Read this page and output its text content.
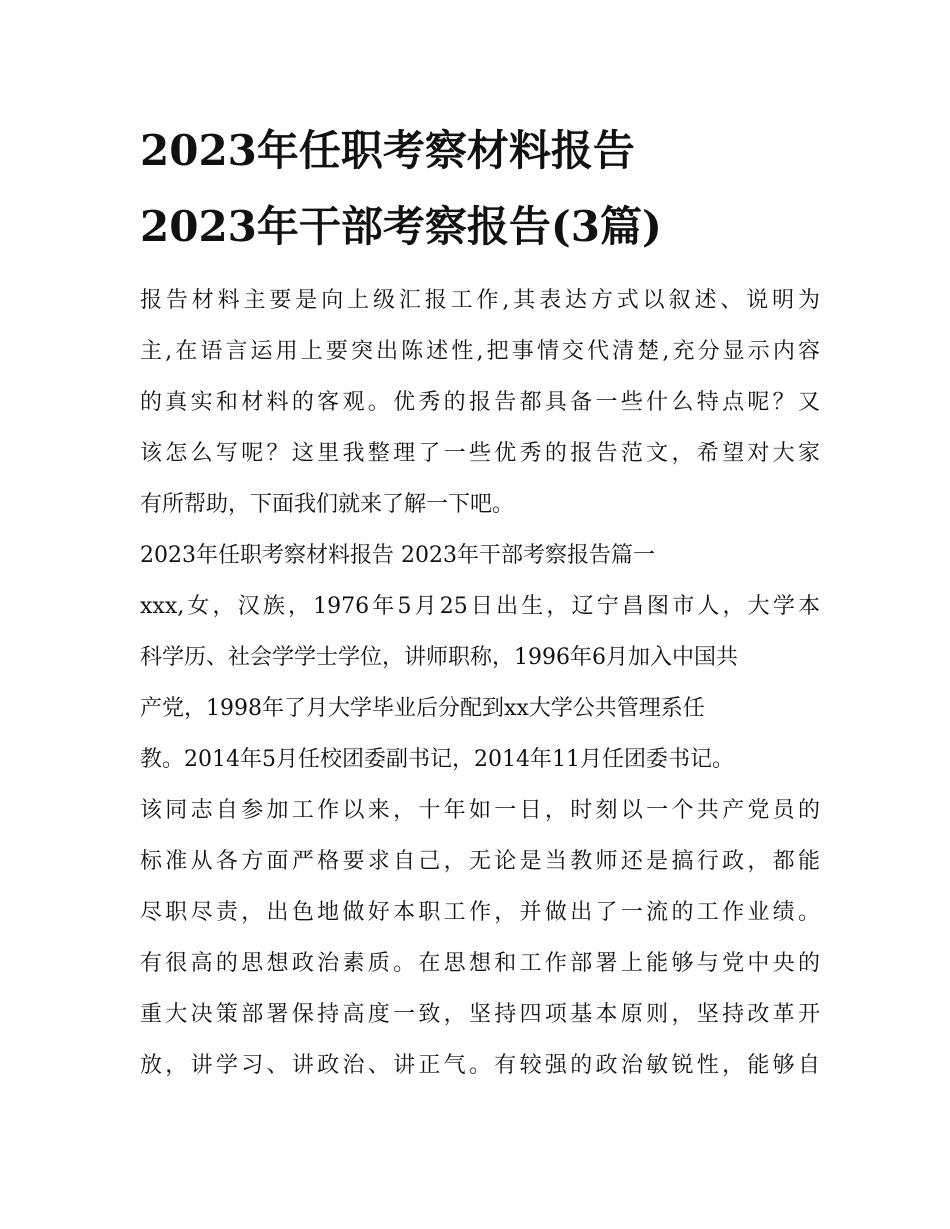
2023年任职考察材料报告
2023年干部考察报告(3篇)

报告材料主要是向上级汇报工作,其表达方式以叙述、说明为

主,在语言运用上要突出陈述性,把事情交代清楚,充分显示内容

的真实和材料的客观。优秀的报告都具备一些什么特点呢？又

该怎么写呢？这里我整理了一些优秀的报告范文，希望对大家

有所帮助，下面我们就来了解一下吧。

2023年任职考察材料报告 2023年干部考察报告篇一

xxx,女，汉族，1976年5月25日出生，辽宁昌图市人，大学本

科学历、社会学学士学位，讲师职称，1996年6月加入中国共

产党，1998年了月大学毕业后分配到xx大学公共管理系任

教。2014年5月任校团委副书记，2014年11月任团委书记。

该同志自参加工作以来，十年如一日，时刻以一个共产党员的

标准从各方面严格要求自己，无论是当教师还是搞行政，都能

尽职尽责，出色地做好本职工作，并做出了一流的工作业绩。

有很高的思想政治素质。在思想和工作部署上能够与党中央的

重大决策部署保持高度一致，坚持四项基本原则，坚持改革开

放，讲学习、讲政治、讲正气。有较强的政治敏锐性，能够自
